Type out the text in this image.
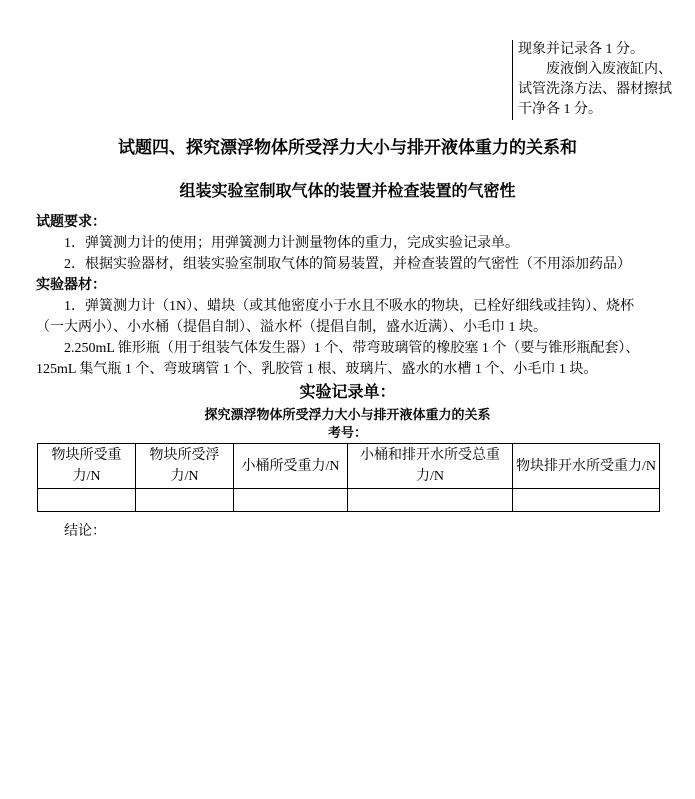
现象并记录各 1 分。
　　废液倒入废液缸内、
试管洗涤方法、器材擦拭
干净各 1 分。
试题四、探究漂浮物体所受浮力大小与排开液体重力的关系和
组装实验室制取气体的装置并检查装置的气密性
试题要求：
1．弹簧测力计的使用；用弹簧测力计测量物体的重力，完成实验记录单。
2．根据实验器材，组装实验室制取气体的简易装置，并检查装置的气密性（不用添加药品）
实验器材：
1．弹簧测力计（1N）、蜡块（或其他密度小于水且不吸水的物块，已栓好细线或挂钩）、烧杯（一大两小）、小水桶（提倡自制）、溢水杯（提倡自制，盛水近满）、小毛巾 1 块。
2.250mL 锥形瓶（用于组装气体发生器）1 个、带弯玻璃管的橡胶塞 1 个（要与锥形瓶配套）、125mL 集气瓶 1 个、弯玻璃管 1 个、乳胶管 1 根、玻璃片、盛水的水槽 1 个、小毛巾 1 块。
实验记录单：
探究漂浮物体所受浮力大小与排开液体重力的关系
考号：
物块所受重力/N	物块所受浮力/N	小桶所受重力/N	小桶和排开水所受总重力/N	物块排开水所受重力/N

结论：
